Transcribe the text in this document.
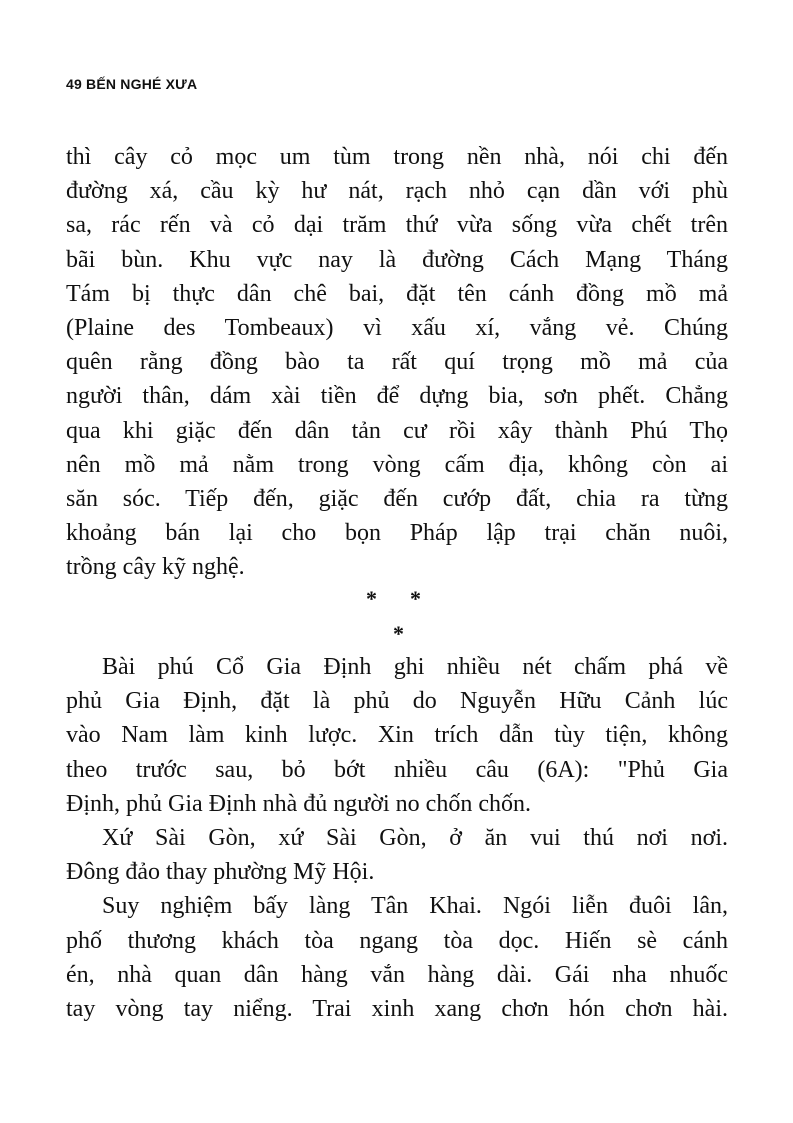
49 BẾN NGHÉ XƯA
thì cây cỏ mọc um tùm trong nền nhà, nói chi đến
đường xá, cầu kỳ hư nát, rạch nhỏ cạn dần với phù
sa, rác rến và cỏ dại trăm thứ vừa sống vừa chết trên
bãi bùn. Khu vực nay là đường Cách Mạng Tháng
Tám bị thực dân chê bai, đặt tên cánh đồng mồ mả
(Plaine des Tombeaux) vì xấu xí, vắng vẻ. Chúng
quên rằng đồng bào ta rất quí trọng mồ mả của
người thân, dám xài tiền để dựng bia, sơn phết. Chẳng
qua khi giặc đến dân tản cư rồi xây thành Phú Thọ
nên mồ mả nằm trong vòng cấm địa, không còn ai
săn sóc. Tiếp đến, giặc đến cướp đất, chia ra từng
khoảng bán lại cho bọn Pháp lập trại chăn nuôi,
trồng cây kỹ nghệ.
* *
*
Bài phú Cổ Gia Định ghi nhiều nét chấm phá về
phủ Gia Định, đặt là phủ do Nguyễn Hữu Cảnh lúc
vào Nam làm kinh lược. Xin trích dẫn tùy tiện, không
theo trước sau, bỏ bớt nhiều câu (6A): "Phủ Gia
Định, phủ Gia Định nhà đủ người no chốn chốn.
Xứ Sài Gòn, xứ Sài Gòn, ở ăn vui thú nơi nơi.
Đông đảo thay phường Mỹ Hội.
Suy nghiệm bấy làng Tân Khai. Ngói liễn đuôi lân,
phố thương khách tòa ngang tòa dọc. Hiến sè cánh
én, nhà quan dân hàng vắn hàng dài. Gái nha nhuốc
tay vòng tay niểng. Trai xinh xang chơn hón chơn hài.
